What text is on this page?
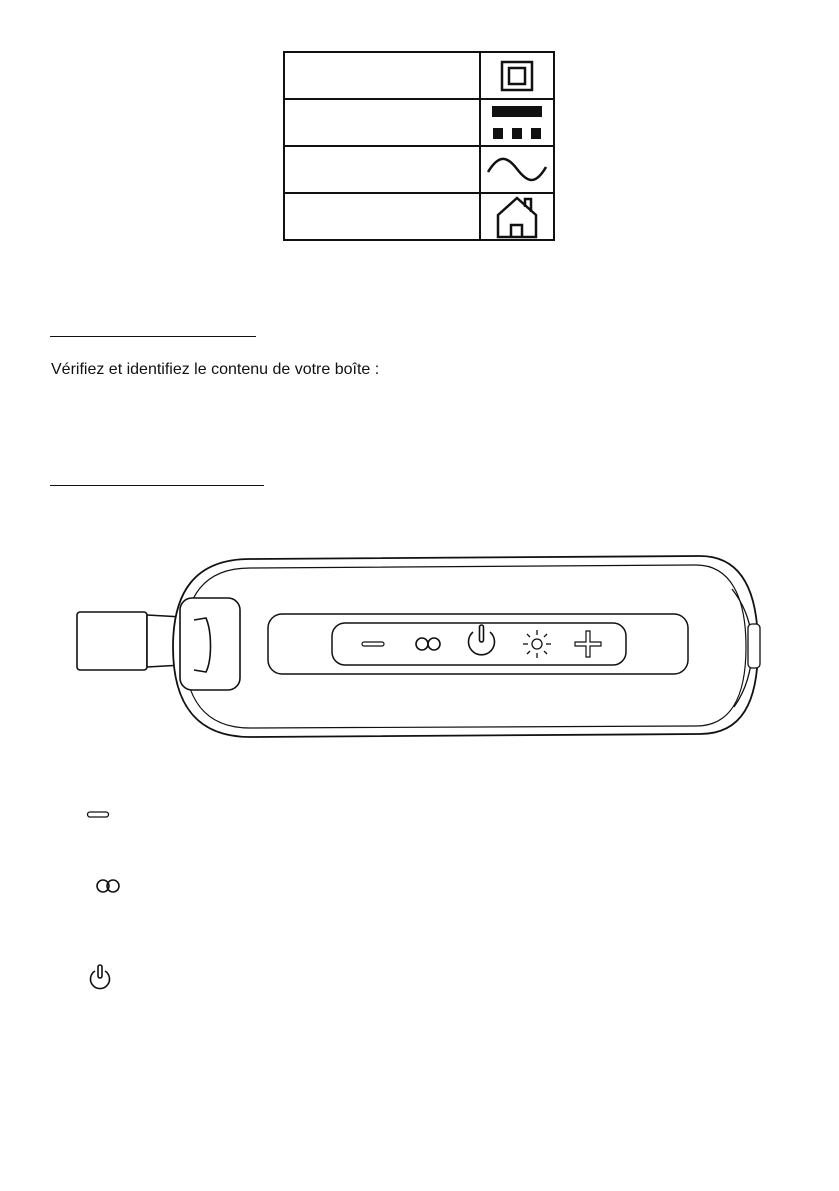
Vérifiez et identifiez le contenu de votre boîte :
